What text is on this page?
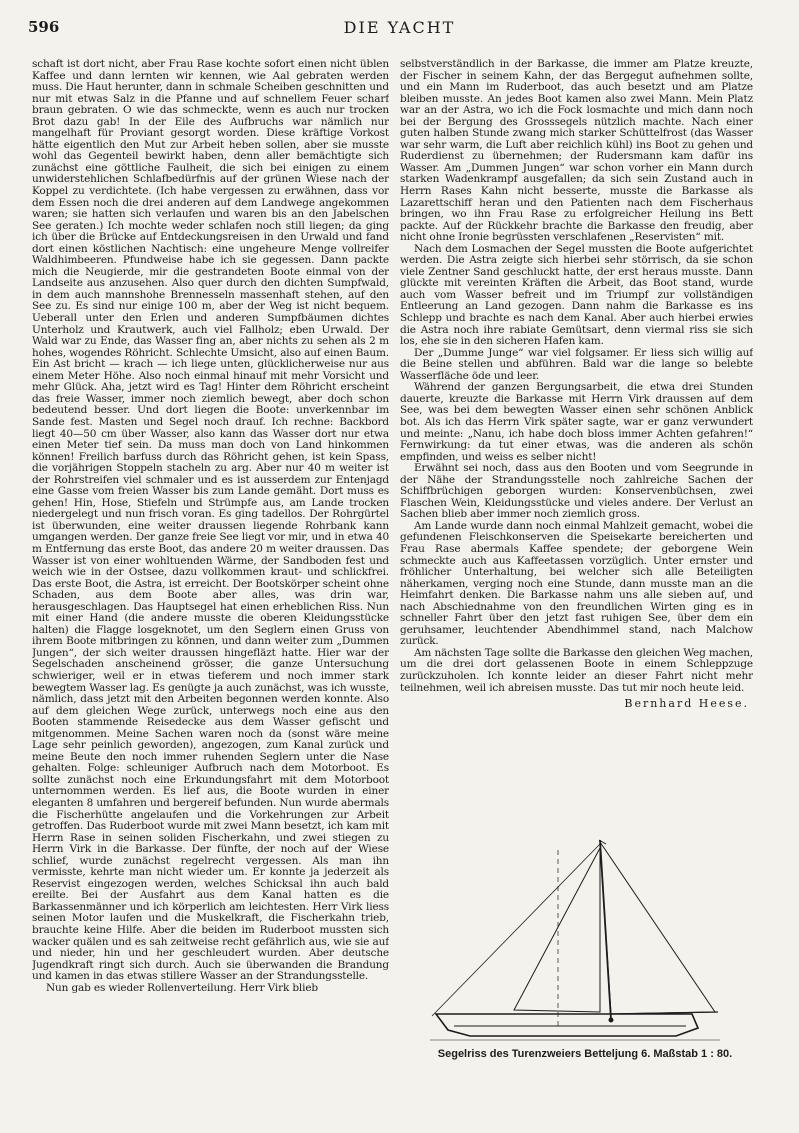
596	DIE YACHT

schaft ist dort nicht, aber Frau Rase kochte sofort einen nicht üblen Kaffee und dann lernten wir kennen, wie Aal gebraten werden muss. Die Haut herunter, dann in schmale Scheiben geschnitten und nur mit etwas Salz in die Pfanne und auf schnellem Feuer scharf braun gebraten. O wie das schmeckte, wenn es auch nur trocken Brot dazu gab! In der Eile des Aufbruchs war nämlich nur mangelhaft für Proviant gesorgt worden. Diese kräftige Vorkost hätte eigentlich den Mut zur Arbeit heben sollen, aber sie musste wohl das Gegenteil bewirkt haben, denn aller bemächtigte sich zunächst eine göttliche Faulheit, die sich bei einigen zu einem unwiderstehlichen Schlafbedürfnis auf der grünen Wiese nach der Koppel zu verdichtete. (Ich habe vergessen zu erwähnen, dass vor dem Essen noch die drei anderen auf dem Landwege angekommen waren; sie hatten sich verlaufen und waren bis an den Jabelschen See geraten.) Ich mochte weder schlafen noch still liegen; da ging ich über die Brücke auf Entdeckungsreisen in den Urwald und fand dort einen köstlichen Nachtisch: eine ungeheure Menge vollreifer Waldhimbeeren. Pfundweise habe ich sie gegessen. Dann packte mich die Neugierde, mir die gestrandeten Boote einmal von der Landseite aus anzusehen. Also quer durch den dichten Sumpfwald, in dem auch mannshohe Brennesseln massenhaft stehen, auf den See zu. Es sind nur einige 100 m, aber der Weg ist nicht bequem. Ueberall unter den Erlen und anderen Sumpfbäumen dichtes Unterholz und Krautwerk, auch viel Fallholz; eben Urwald. Der Wald war zu Ende, das Wasser fing an, aber nichts zu sehen als 2 m hohes, wogendes Röhricht. Schlechte Umsicht, also auf einen Baum. Ein Ast bricht — krach — ich liege unten, glücklicherweise nur aus einem Meter Höhe. Also noch einmal hinauf mit mehr Vorsicht und mehr Glück. Aha, jetzt wird es Tag! Hinter dem Röhricht erscheint das freie Wasser, immer noch ziemlich bewegt, aber doch schon bedeutend besser. Und dort liegen die Boote: unverkennbar im Sande fest. Masten und Segel noch drauf. Ich rechne: Backbord liegt 40—50 cm über Wasser, also kann das Wasser dort nur etwa einen Meter tief sein. Da muss man doch von Land hinkommen können! Freilich barfuss durch das Röhricht gehen, ist kein Spass, die vorjährigen Stoppeln stacheln zu arg. Aber nur 40 m weiter ist der Rohrstreifen viel schmaler und es ist ausserdem zur Entenjagd eine Gasse vom freien Wasser bis zum Lande gemäht. Dort muss es gehen! Hin, Hose, Stiefeln und Strümpfe aus, am Lande trocken niedergelegt und nun frisch voran. Es ging tadellos. Der Rohrgürtel ist überwunden, eine weiter draussen liegende Rohrbank kann umgangen werden. Der ganze freie See liegt vor mir, und in etwa 40 m Entfernung das erste Boot, das andere 20 m weiter draussen. Das Wasser ist von einer wohltuenden Wärme, der Sandboden fest und weich wie in der Ostsee, dazu vollkommen kraut- und schlickfrei. Das erste Boot, die Astra, ist erreicht. Der Bootskörper scheint ohne Schaden, aus dem Boote aber alles, was drin war, herausgeschlagen. Das Hauptsegel hat einen erheblichen Riss. Nun mit einer Hand (die andere musste die oberen Kleidungsstücke halten) die Flagge losgeknotet, um den Seglern einen Gruss von ihrem Boote mitbringen zu können, und dann weiter zum „Dummen Jungen“, der sich weiter draussen hingefläzt hatte. Hier war der Segelschaden anscheinend grösser, die ganze Untersuchung schwieriger, weil er in etwas tieferem und noch immer stark bewegtem Wasser lag. Es genügte ja auch zunächst, was ich wusste, nämlich, dass jetzt mit den Arbeiten begonnen werden konnte. Also auf dem gleichen Wege zurück, unterwegs noch eine aus den Booten stammende Reisedecke aus dem Wasser gefischt und mitgenommen. Meine Sachen waren noch da (sonst wäre meine Lage sehr peinlich geworden), angezogen, zum Kanal zurück und meine Beute den noch immer ruhenden Seglern unter die Nase gehalten. Folge: schleuniger Aufbruch nach dem Motorboot. Es sollte zunächst noch eine Erkundungsfahrt mit dem Motorboot unternommen werden. Es lief aus, die Boote wurden in einer eleganten 8 umfahren und bergereif befunden. Nun wurde abermals die Fischerhütte angelaufen und die Vorkehrungen zur Arbeit getroffen. Das Ruderboot wurde mit zwei Mann besetzt, ich kam mit Herrn Rase in seinen soliden Fischerkahn, und zwei stiegen zu Herrn Virk in die Barkasse. Der fünfte, der noch auf der Wiese schlief, wurde zunächst regelrecht vergessen. Als man ihn vermisste, kehrte man nicht wieder um. Er konnte ja jederzeit als Reservist eingezogen werden, welches Schicksal ihn auch bald ereilte. Bei der Ausfahrt aus dem Kanal hatten es die Barkassenmänner und ich körperlich am leichtesten. Herr Virk liess seinen Motor laufen und die Muskelkraft, die Fischerkahn trieb, brauchte keine Hilfe. Aber die beiden im Ruderboot mussten sich wacker quälen und es sah zeitweise recht gefährlich aus, wie sie auf und nieder, hin und her geschleudert wurden. Aber deutsche Jugendkraft ringt sich durch. Auch sie überwanden die Brandung und kamen in das etwas stillere Wasser an der Strandungsstelle.

Nun gab es wieder Rollenverteilung. Herr Virk blieb

selbstverständlich in der Barkasse, die immer am Platze kreuzte, der Fischer in seinem Kahn, der das Bergegut aufnehmen sollte, und ein Mann im Ruderboot, das auch besetzt und am Platze bleiben musste. An jedes Boot kamen also zwei Mann. Mein Platz war an der Astra, wo ich die Fock losmachte und mich dann noch bei der Bergung des Grosssegels nützlich machte. Nach einer guten halben Stunde zwang mich starker Schüttelfrost (das Wasser war sehr warm, die Luft aber reichlich kühl) ins Boot zu gehen und Ruderdienst zu übernehmen; der Rudersmann kam dafür ins Wasser. Am „Dummen Jungen“ war schon vorher ein Mann durch starken Wadenkrampf ausgefallen; da sich sein Zustand auch in Herrn Rases Kahn nicht besserte, musste die Barkasse als Lazarettschiff heran und den Patienten nach dem Fischerhaus bringen, wo ihn Frau Rase zu erfolgreicher Heilung ins Bett packte. Auf der Rückkehr brachte die Barkasse den freudig, aber nicht ohne Ironie begrüssten verschlafenen „Reservisten“ mit.

Nach dem Losmachen der Segel mussten die Boote aufgerichtet werden. Die Astra zeigte sich hierbei sehr störrisch, da sie schon viele Zentner Sand geschluckt hatte, der erst heraus musste. Dann glückte mit vereinten Kräften die Arbeit, das Boot stand, wurde auch vom Wasser befreit und im Triumpf zur vollständigen Entleerung an Land gezogen. Dann nahm die Barkasse es ins Schlepp und brachte es nach dem Kanal. Aber auch hierbei erwies die Astra noch ihre rabiate Gemütsart, denn viermal riss sie sich los, ehe sie in den sicheren Hafen kam.

Der „Dumme Junge“ war viel folgsamer. Er liess sich willig auf die Beine stellen und abführen. Bald war die lange so belebte Wasserfläche öde und leer.

Während der ganzen Bergungsarbeit, die etwa drei Stunden dauerte, kreuzte die Barkasse mit Herrn Virk draussen auf dem See, was bei dem bewegten Wasser einen sehr schönen Anblick bot. Als ich das Herrn Virk später sagte, war er ganz verwundert und meinte: „Nanu, ich habe doch bloss immer Achten gefahren!“ Fernwirkung: da tut einer etwas, was die anderen als schön empfinden, und weiss es selber nicht!

Erwähnt sei noch, dass aus den Booten und vom Seegrunde in der Nähe der Strandungsstelle noch zahlreiche Sachen der Schiffbrüchigen geborgen wurden: Konservenbüchsen, zwei Flaschen Wein, Kleidungsstücke und vieles andere. Der Verlust an Sachen blieb aber immer noch ziemlich gross.

Am Lande wurde dann noch einmal Mahlzeit gemacht, wobei die gefundenen Fleischkonserven die Speisekarte bereicherten und Frau Rase abermals Kaffee spendete; der geborgene Wein schmeckte auch aus Kaffeetassen vorzüglich. Unter ernster und fröhlicher Unterhaltung, bei welcher sich alle Beteiligten näherkamen, verging noch eine Stunde, dann musste man an die Heimfahrt denken. Die Barkasse nahm uns alle sieben auf, und nach Abschiednahme von den freundlichen Wirten ging es in schneller Fahrt über den jetzt fast ruhigen See, über dem ein geruhsamer, leuchtender Abendhimmel stand, nach Malchow zurück.

Am nächsten Tage sollte die Barkasse den gleichen Weg machen, um die drei dort gelassenen Boote in einem Schleppzuge zurückzuholen. Ich konnte leider an dieser Fahrt nicht mehr teilnehmen, weil ich abreisen musste. Das tut mir noch heute leid.

Bernhard Heese.
Segelriss des Turenzweiers Betteljung 6. Maßstab 1 : 80.
